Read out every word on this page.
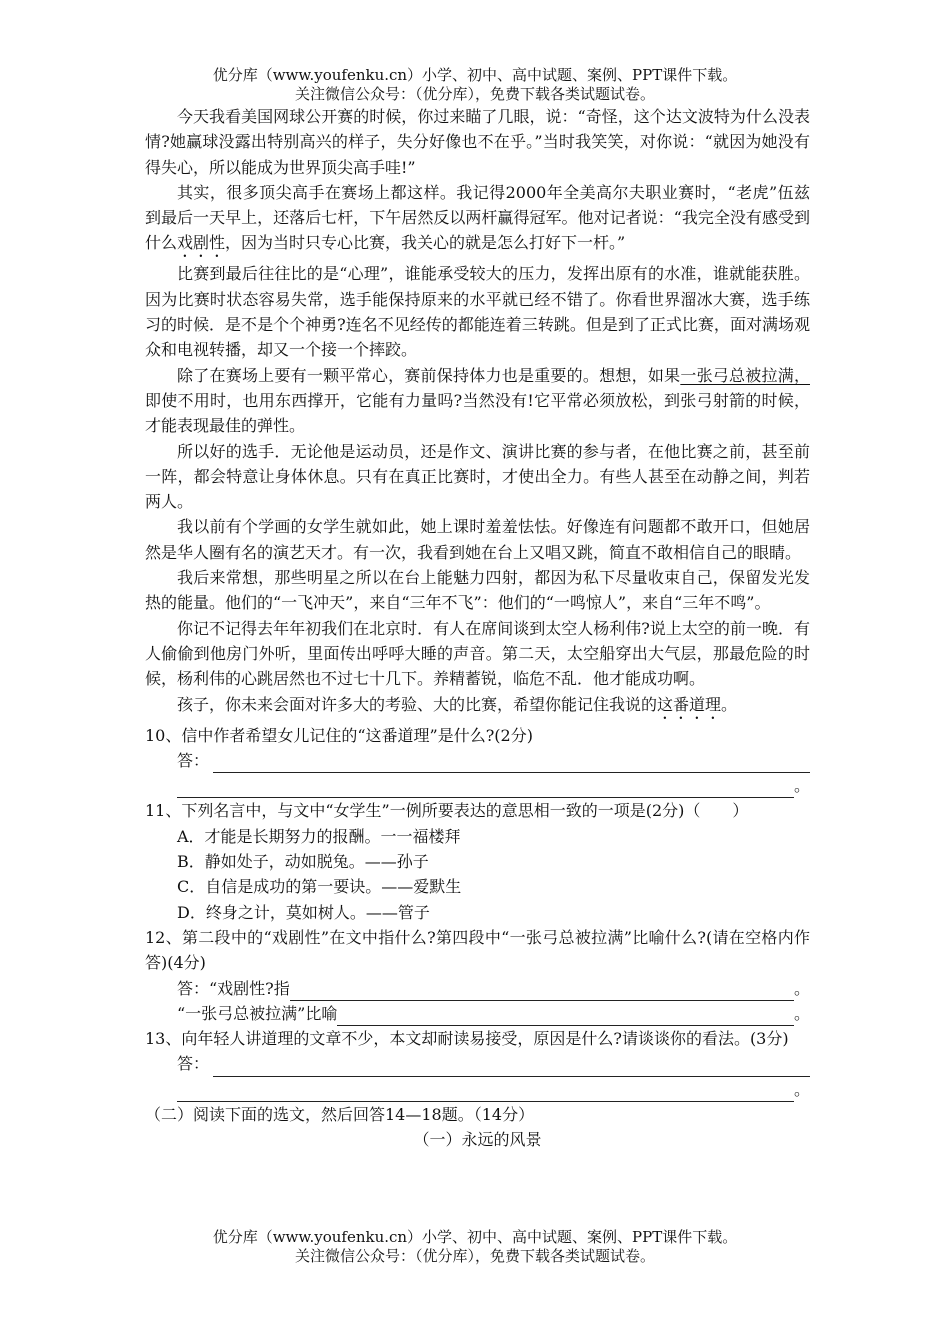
优分库（www.youfenku.cn）小学、初中、高中试题、案例、PPT课件下载。
关注微信公众号：（优分库），免费下载各类试题试卷。

今天我看美国网球公开赛的时候，你过来瞄了几眼，说：“奇怪，这个达文波特为什么没表情?她赢球没露出特别高兴的样子，失分好像也不在乎。”当时我笑笑，对你说：“就因为她没有得失心，所以能成为世界顶尖高手哇!”

其实，很多顶尖高手在赛场上都这样。我记得2000年全美高尔夫职业赛时，“老虎”伍兹到最后一天早上，还落后七杆，下午居然反以两杆赢得冠军。他对记者说：“我完全没有感受到什么戏剧性，因为当时只专心比赛，我关心的就是怎么打好下一杆。”

比赛到最后往往比的是“心理”，谁能承受较大的压力，发挥出原有的水准，谁就能获胜。因为比赛时状态容易失常，选手能保持原来的水平就已经不错了。你看世界溜冰大赛，选手练习的时候．是不是个个神勇?连名不见经传的都能连着三转跳。但是到了正式比赛，面对满场观众和电视转播，却又一个接一个摔跤。

除了在赛场上要有一颗平常心，赛前保持体力也是重要的。想想，如果一张弓总被拉满，即使不用时，也用东西撑开，它能有力量吗?当然没有!它平常必须放松，到张弓射箭的时候，才能表现最佳的弹性。

所以好的选手．无论他是运动员，还是作文、演讲比赛的参与者，在他比赛之前，甚至前一阵，都会特意让身体休息。只有在真正比赛时，才使出全力。有些人甚至在动静之间，判若两人。

我以前有个学画的女学生就如此，她上课时羞羞怯怯。好像连有问题都不敢开口，但她居然是华人圈有名的演艺天才。有一次，我看到她在台上又唱又跳，简直不敢相信自己的眼睛。

我后来常想，那些明星之所以在台上能魅力四射，都因为私下尽量收束自己，保留发光发热的能量。他们的“一飞冲天”，来自“三年不飞”：他们的“一鸣惊人”，来自“三年不鸣”。

你记不记得去年年初我们在北京时．有人在席间谈到太空人杨利伟?说上太空的前一晚．有人偷偷到他房门外听，里面传出呼呼大睡的声音。第二天，太空船穿出大气层，那最危险的时候，杨利伟的心跳居然也不过七十几下。养精蓄锐，临危不乱．他才能成功啊。

孩子，你未来会面对许多大的考验、大的比赛，希望你能记住我说的这番道理。

10、信中作者希望女儿记住的“这番道理”是什么?(2分)

答：
。

11、下列名言中，与文中“女学生”一例所要表达的意思相一致的一项是(2分)（　　）

A．才能是长期努力的报酬。一一福楼拜

B．静如处子，动如脱兔。——孙子

C．自信是成功的第一要诀。——爱默生

D．终身之计，莫如树人。——管子

12、第二段中的“戏剧性”在文中指什么?第四段中“一张弓总被拉满”比喻什么?(请在空格内作答)(4分)

答：“戏剧性?指	。
“一张弓总被拉满”比喻	。

13、向年轻人讲道理的文章不少，本文却耐读易接受，原因是什么?请谈谈你的看法。(3分)

答：
。

（二）阅读下面的选文，然后回答14—18题。（14分）

（一）永远的风景

优分库（www.youfenku.cn）小学、初中、高中试题、案例、PPT课件下载。
关注微信公众号：（优分库），免费下载各类试题试卷。
